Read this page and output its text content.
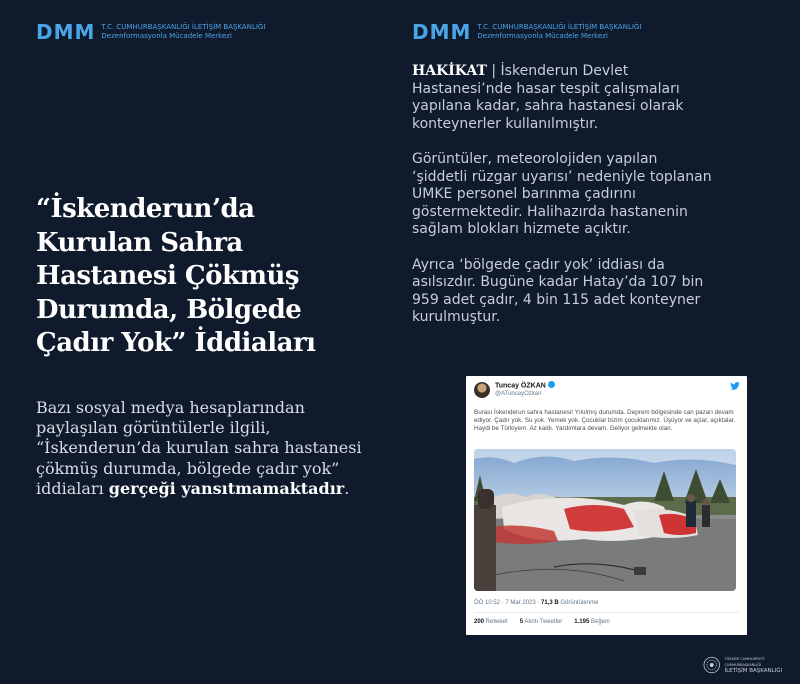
DMM T.C. CUMHURBAŞKANLIĞI İLETİŞİM BAŞKANLIĞI
Dezenformasyonla Mücadele Merkezi	DMM T.C. CUMHURBAŞKANLIĞI İLETİŞİM BAŞKANLIĞI
Dezenformasyonla Mücadele Merkezi
“İskenderun’da Kurulan Sahra Hastanesi Çökmüş Durumda, Bölgede Çadır Yok” İddiaları

Bazı sosyal medya hesaplarından paylaşılan görüntülerle ilgili, “İskenderun’da kurulan sahra hastanesi çökmüş durumda, bölgede çadır yok” iddiaları gerçeği yansıtmamaktadır.

HAKİKAT | İskenderun Devlet Hastanesi’nde hasar tespit çalışmaları yapılana kadar, sahra hastanesi olarak konteynerler kullanılmıştır.

Görüntüler, meteorolojiden yapılan ‘şiddetli rüzgar uyarısı’ nedeniyle toplanan UMKE personel barınma çadırını göstermektedir. Halihazırda hastanenin sağlam blokları hizmete açıktır.

Ayrıca ‘bölgede çadır yok’ iddiası da asılsızdır. Bugüne kadar Hatay’da 107 bin 959 adet çadır, 4 bin 115 adet konteyner kurulmuştur.

Tuncay ÖZKAN
@ATuncayOzkan
Burası İskenderun sahra hastanesi! Yıkılmış durumda. Deprem bölgesinde can pazarı devam ediyor. Çadır yok. Su yok. Yemek yok. Çocuklar bizim çocuklarımız. Üşüyor ve açlar, açıktalar. Haydi be Türkiyem. Az kaldı. Yardımlara devam. Geliyor gelmekte olan.
ÖÖ 10:52 · 7 Mar 2023 · 71,3 B Görüntülenme
200 Retweet 5 Alıntı Tweetler 1.195 Beğeni
TÜRKİYE CUMHURİYETİ CUMHURBAŞKANLIĞI
İLETİŞİM BAŞKANLIĞI
